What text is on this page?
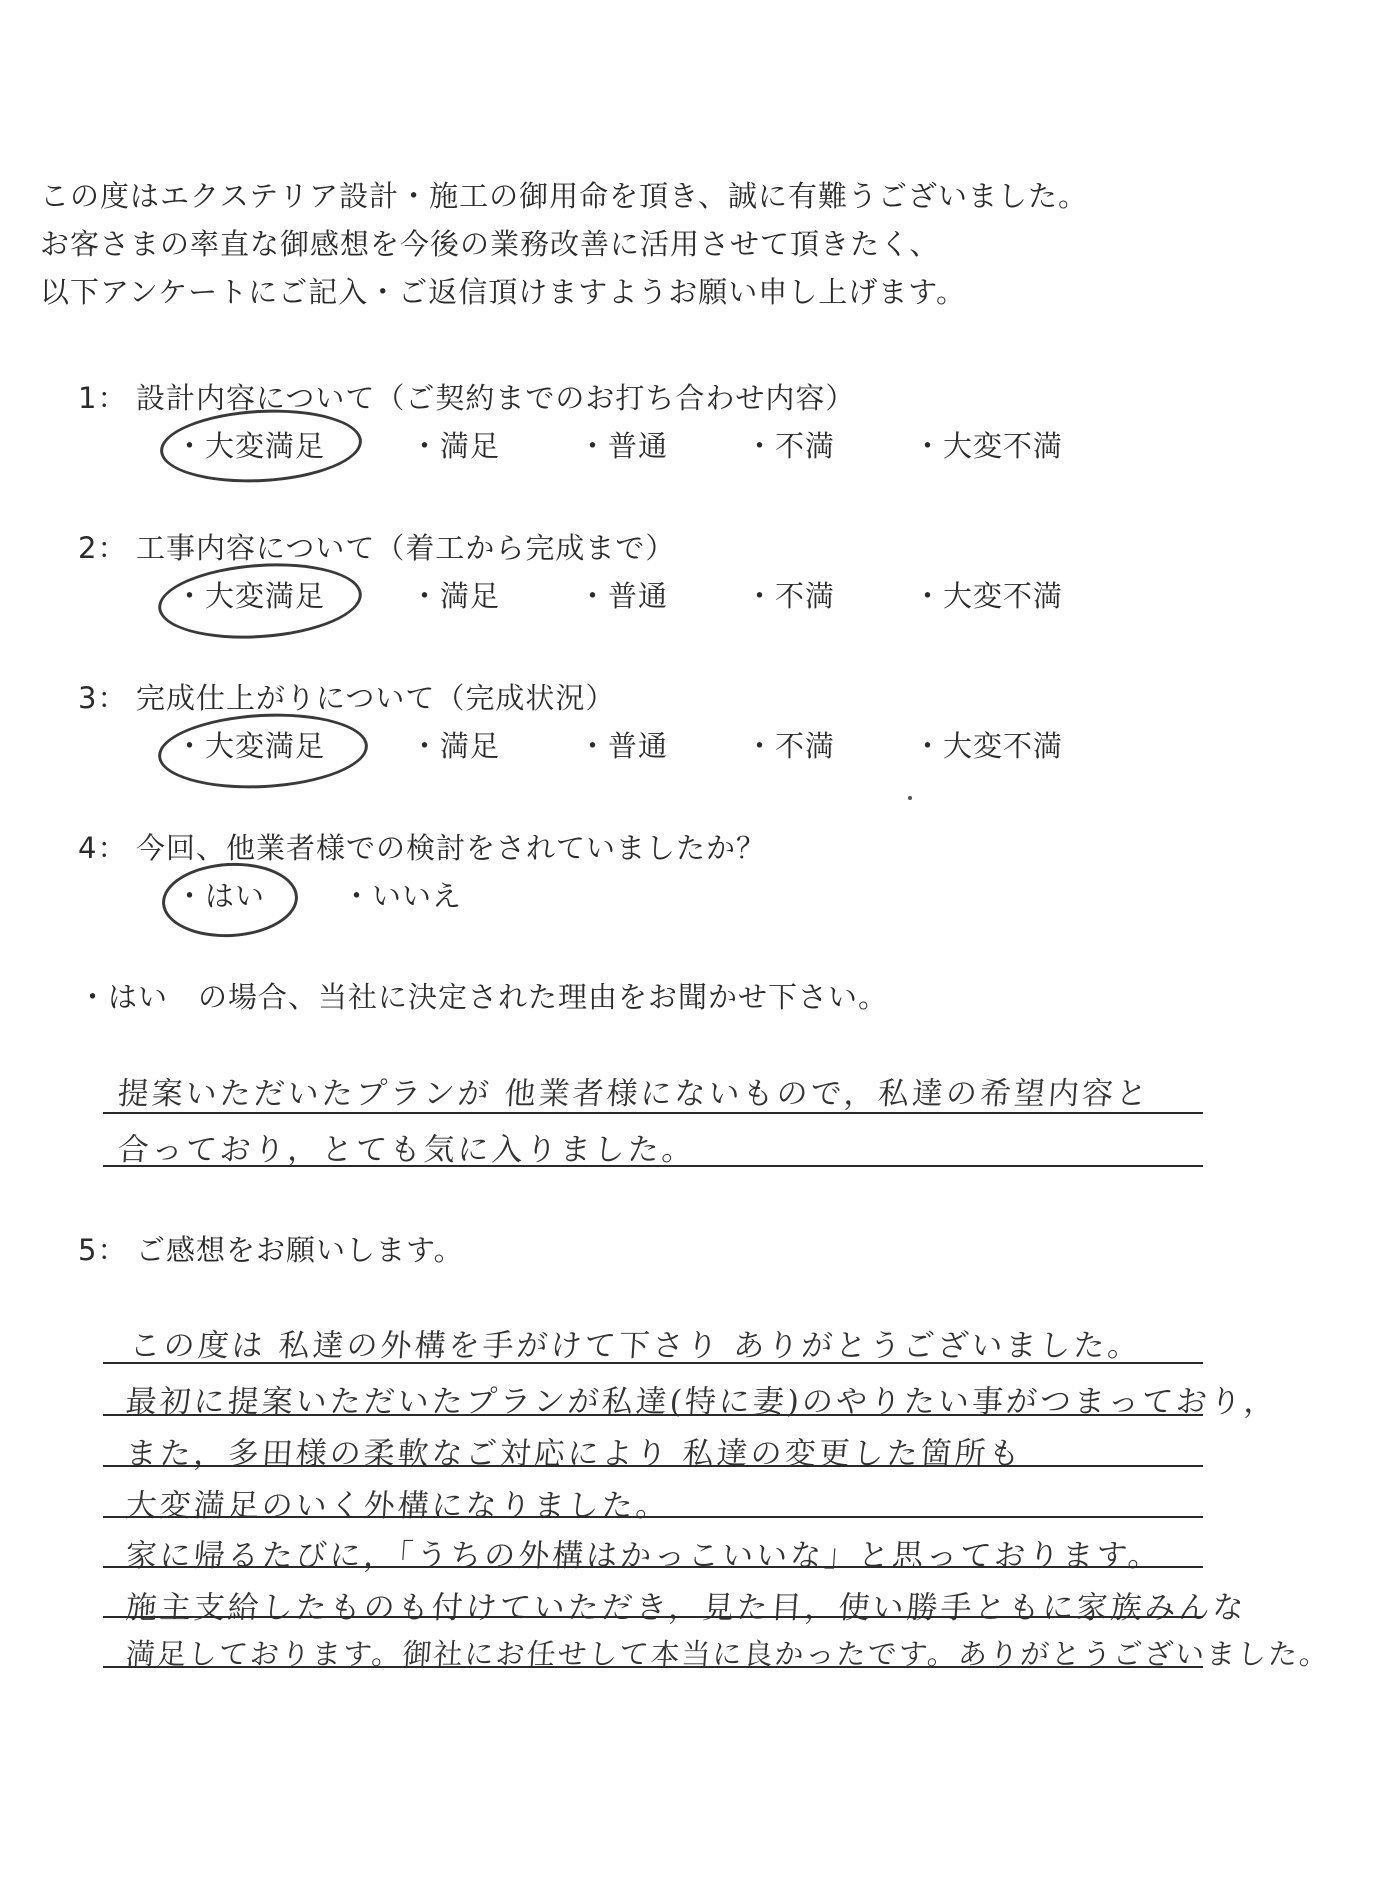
この度はエクステリア設計・施工の御用命を頂き、誠に有難うございました。
お客さまの率直な御感想を今後の業務改善に活用させて頂きたく、
以下アンケートにご記入・ご返信頂けますようお願い申し上げます。
1： 設計内容について（ご契約までのお打ち合わせ内容）
・大変満足	・満足	・普通	・不満	・大変不満
2： 工事内容について（着工から完成まで）
・大変満足	・満足	・普通	・不満	・大変不満
3： 完成仕上がりについて（完成状況）
・大変満足	・満足	・普通	・不満	・大変不満
4： 今回、他業者様での検討をされていましたか？
・はい	・いいえ
・はい　の場合、当社に決定された理由をお聞かせ下さい。
提案いただいたプランが 他業者様にないもので，私達の希望内容と
合っており，とても気に入りました。
5： ご感想をお願いします。
この度は 私達の外構を手がけて下さり ありがとうございました。
最初に提案いただいたプランが私達(特に妻)のやりたい事がつまっており，
また，多田様の柔軟なご対応により 私達の変更した箇所も
大変満足のいく外構になりました。
家に帰るたびに，「うちの外構はかっこいいな」と思っております。
施主支給したものも付けていただき，見た目，使い勝手ともに家族みんな
満足しております。御社にお任せして本当に良かったです。ありがとうございました。
